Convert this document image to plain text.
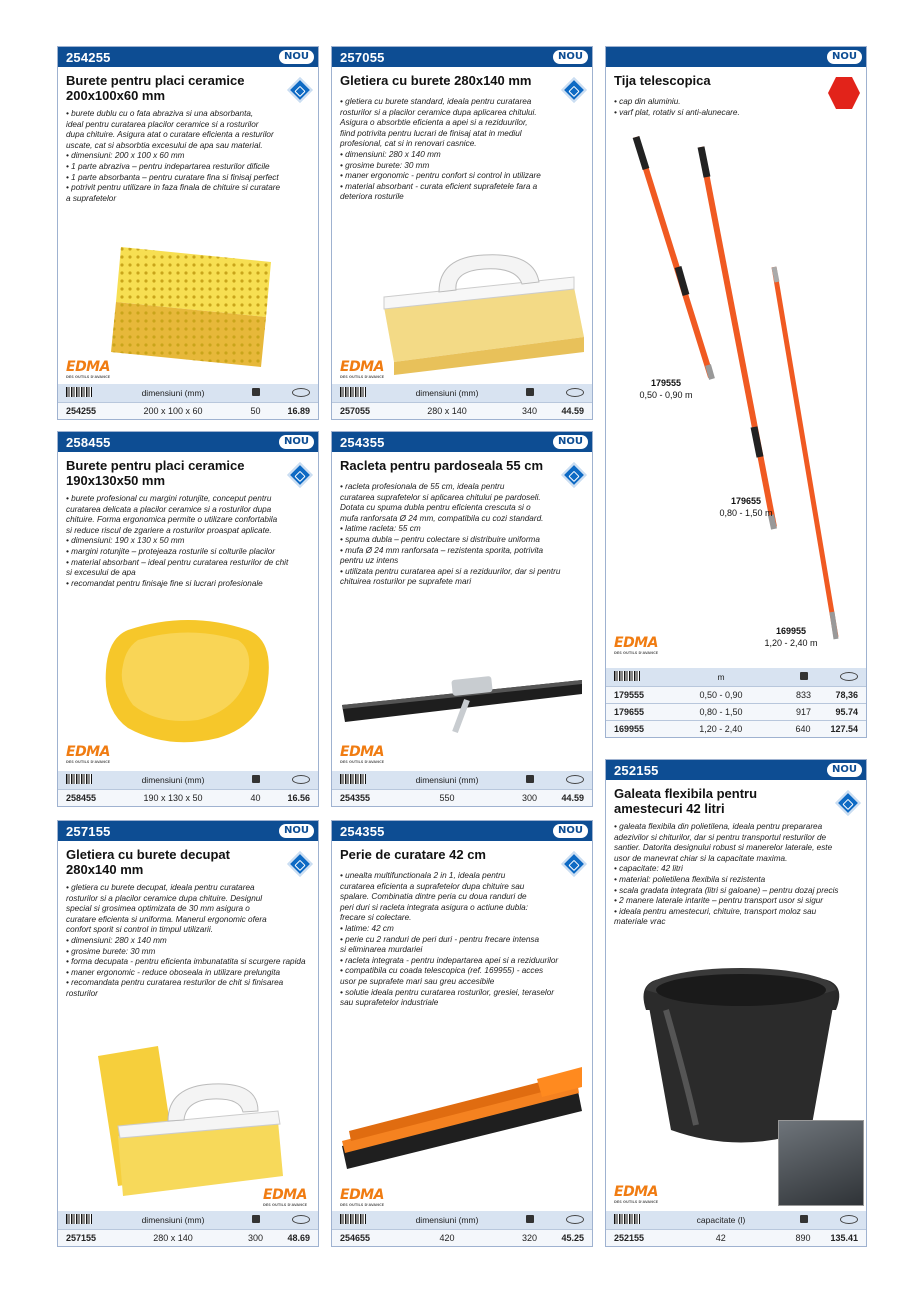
254255	NOU
Burete pentru placi ceramice 200x100x60 mm
• burete dublu cu o fata abraziva si una absorbanta,
ideal pentru curatarea placilor ceramice si a rosturilor
dupa chituire. Asigura atat o curatare eficienta a resturilor
uscate, cat si absorbtia excesului de apa sau material.
• dimensiuni: 200 x 100 x 60 mm
• 1 parte abraziva – pentru indepartarea resturilor dificile
• 1 parte absorbanta – pentru curatare fina si finisaj perfect
• potrivit pentru utilizare in faza finala de chituire si curatare
a suprafetelor
EDMA
DES OUTILS D'AVANCE
dimensiuni (mm)
254255	200 x 100 x 60	50	16.89
257055	NOU
Gletiera cu burete 280x140 mm
• gletiera cu burete standard, ideala pentru curatarea
rosturilor si a placilor ceramice dupa aplicarea chitului.
Asigura o absorbtie eficienta a apei si a reziduurilor,
fiind potrivita pentru lucrari de finisaj atat in mediul
profesional, cat si in renovari casnice.
• dimensiuni: 280 x 140 mm
• grosime burete: 30 mm
• maner ergonomic - pentru confort si control in utilizare
• material absorbant - curata eficient suprafetele fara a
deteriora rosturile
EDMA
DES OUTILS D'AVANCE
dimensiuni (mm)
257055	280 x 140	340	44.59
NOU
Tija telescopica
• cap din aluminiu.
• varf plat, rotativ si anti-alunecare.
179555
0,50 - 0,90 m
179655
0,80 - 1,50 m
169955
1,20 - 2,40 m
EDMA
DES OUTILS D'AVANCE
m
179555	0,50 - 0,90	833	78,36
179655	0,80 - 1,50	917	95.74
169955	1,20 - 2,40	640	127.54
258455	NOU
Burete pentru placi ceramice 190x130x50 mm
• burete profesional cu margini rotunjite, conceput pentru
curatarea delicata a placilor ceramice si a rosturilor dupa
chituire. Forma ergonomica permite o utilizare confortabila
si reduce riscul de zgariere a rosturilor proaspat aplicate.
• dimensiuni: 190 x 130 x 50 mm
• margini rotunjite – protejeaza rosturile si colturile placilor
• material absorbant – ideal pentru curatarea resturilor de chit
si excesului de apa
• recomandat pentru finisaje fine si lucrari profesionale
EDMA
DES OUTILS D'AVANCE
dimensiuni (mm)
258455	190 x 130 x 50	40	16.56
254355	NOU
Racleta pentru pardoseala 55 cm
• racleta profesionala de 55 cm, ideala pentru
curatarea suprafetelor si aplicarea chitului pe pardoseli.
Dotata cu spuma dubla pentru eficienta crescuta si o
mufa ranforsata Ø 24 mm, compatibila cu cozi standard.
• latime racleta: 55 cm
• spuma dubla – pentru colectare si distribuire uniforma
• mufa Ø 24 mm ranforsata – rezistenta sporita, potrivita
pentru uz intens
• utilizata pentru curatarea apei si a reziduurilor, dar si pentru
chituirea rosturilor pe suprafete mari
EDMA
DES OUTILS D'AVANCE
dimensiuni (mm)
254355	550	300	44.59
252155	NOU
Galeata flexibila pentru amestecuri 42 litri
• galeata flexibila din polietilena, ideala pentru prepararea
adezivilor si chiturilor, dar si pentru transportul resturilor de
santier. Datorita designului robust si manerelor laterale, este
usor de manevrat chiar si la capacitate maxima.
• capacitate: 42 litri
• material: polietilena flexibila si rezistenta
• scala gradata integrata (litri si galoane) – pentru dozaj precis
• 2 manere laterale intarite – pentru transport usor si sigur
• ideala pentru amestecuri, chituire, transport moloz sau
materiale vrac
EDMA
DES OUTILS D'AVANCE
capacitate (l)
252155	42	890	135.41
257155	NOU
Gletiera cu burete decupat 280x140 mm
• gletiera cu burete decupat, ideala pentru curatarea
rosturilor si a placilor ceramice dupa chituire. Designul
special si grosimea optimizata de 30 mm asigura o
curatare eficienta si uniforma. Manerul ergonomic ofera
confort sporit si control in timpul utilizarii.
• dimensiuni: 280 x 140 mm
• grosime burete: 30 mm
• forma decupata - pentru eficienta imbunatatita si scurgere rapida
• maner ergonomic - reduce oboseala in utilizare prelungita
• recomandata pentru curatarea resturilor de chit si finisarea
rosturilor
EDMA
DES OUTILS D'AVANCE
dimensiuni (mm)
257155	280 x 140	300	48.69
254355	NOU
Perie de curatare 42 cm
• unealta multifunctionala 2 in 1, ideala pentru
curatarea eficienta a suprafetelor dupa chituire sau
spalare. Combinatia dintre peria cu doua randuri de
peri duri si racleta integrata asigura o actiune dubla:
frecare si colectare.
• latime: 42 cm
• perie cu 2 randuri de peri duri - pentru frecare intensa
si eliminarea murdariei
• racleta integrata - pentru indepartarea apei si a reziduurilor
• compatibila cu coada telescopica (ref. 169955) - acces
usor pe suprafete mari sau greu accesibile
• solutie ideala pentru curatarea rosturilor, gresiei, teraselor
sau suprafetelor industriale
EDMA
DES OUTILS D'AVANCE
dimensiuni (mm)
254655	420	320	45.25
